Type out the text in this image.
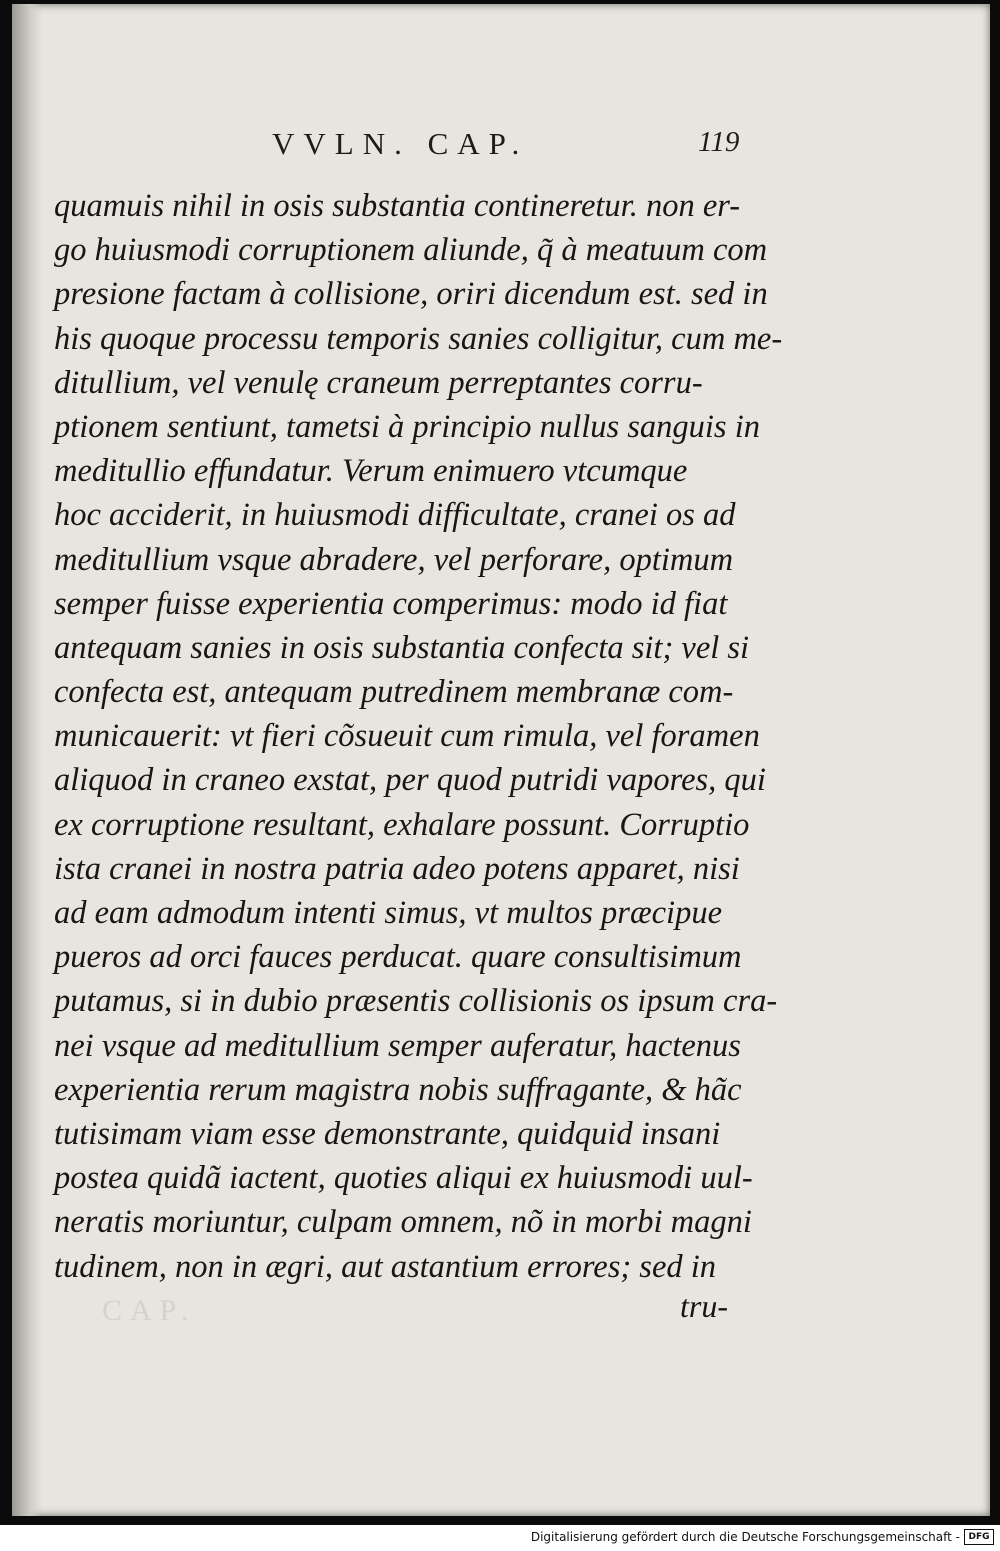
CAP.
VVLN. CAP.	119
quamuis nihil in osis substantia contineretur. non er-
go huiusmodi corruptionem aliunde, q̃ à meatuum com
presione factam à collisione, oriri dicendum est. sed in
his quoque processu temporis sanies colligitur, cum me-
ditullium, vel venulę craneum perreptantes corru-
ptionem sentiunt, tametsi à principio nullus sanguis in
meditullio effundatur. Verum enimuero vtcumque
hoc acciderit, in huiusmodi difficultate, cranei os ad
meditullium vsque abradere, vel perforare, optimum
semper fuisse experientia comperimus: modo id fiat
antequam sanies in osis substantia confecta sit; vel si
confecta est, antequam putredinem membranæ com-
municauerit: vt fieri cõsueuit cum rimula, vel foramen
aliquod in craneo exstat, per quod putridi vapores, qui
ex corruptione resultant, exhalare possunt. Corruptio
ista cranei in nostra patria adeo potens apparet, nisi
ad eam admodum intenti simus, vt multos præcipue
pueros ad orci fauces perducat. quare consultisimum
putamus, si in dubio præsentis collisionis os ipsum cra-
nei vsque ad meditullium semper auferatur, hactenus
experientia rerum magistra nobis suffragante, & hãc
tutisimam viam esse demonstrante, quidquid insani
postea quidã iactent, quoties aliqui ex huiusmodi uul-
neratis moriuntur, culpam omnem, nõ in morbi magni
tudinem, non in ægri, aut astantium errores; sed in
tru-
Digitalisierung gefördert durch die Deutsche Forschungsgemeinschaft - DFG
